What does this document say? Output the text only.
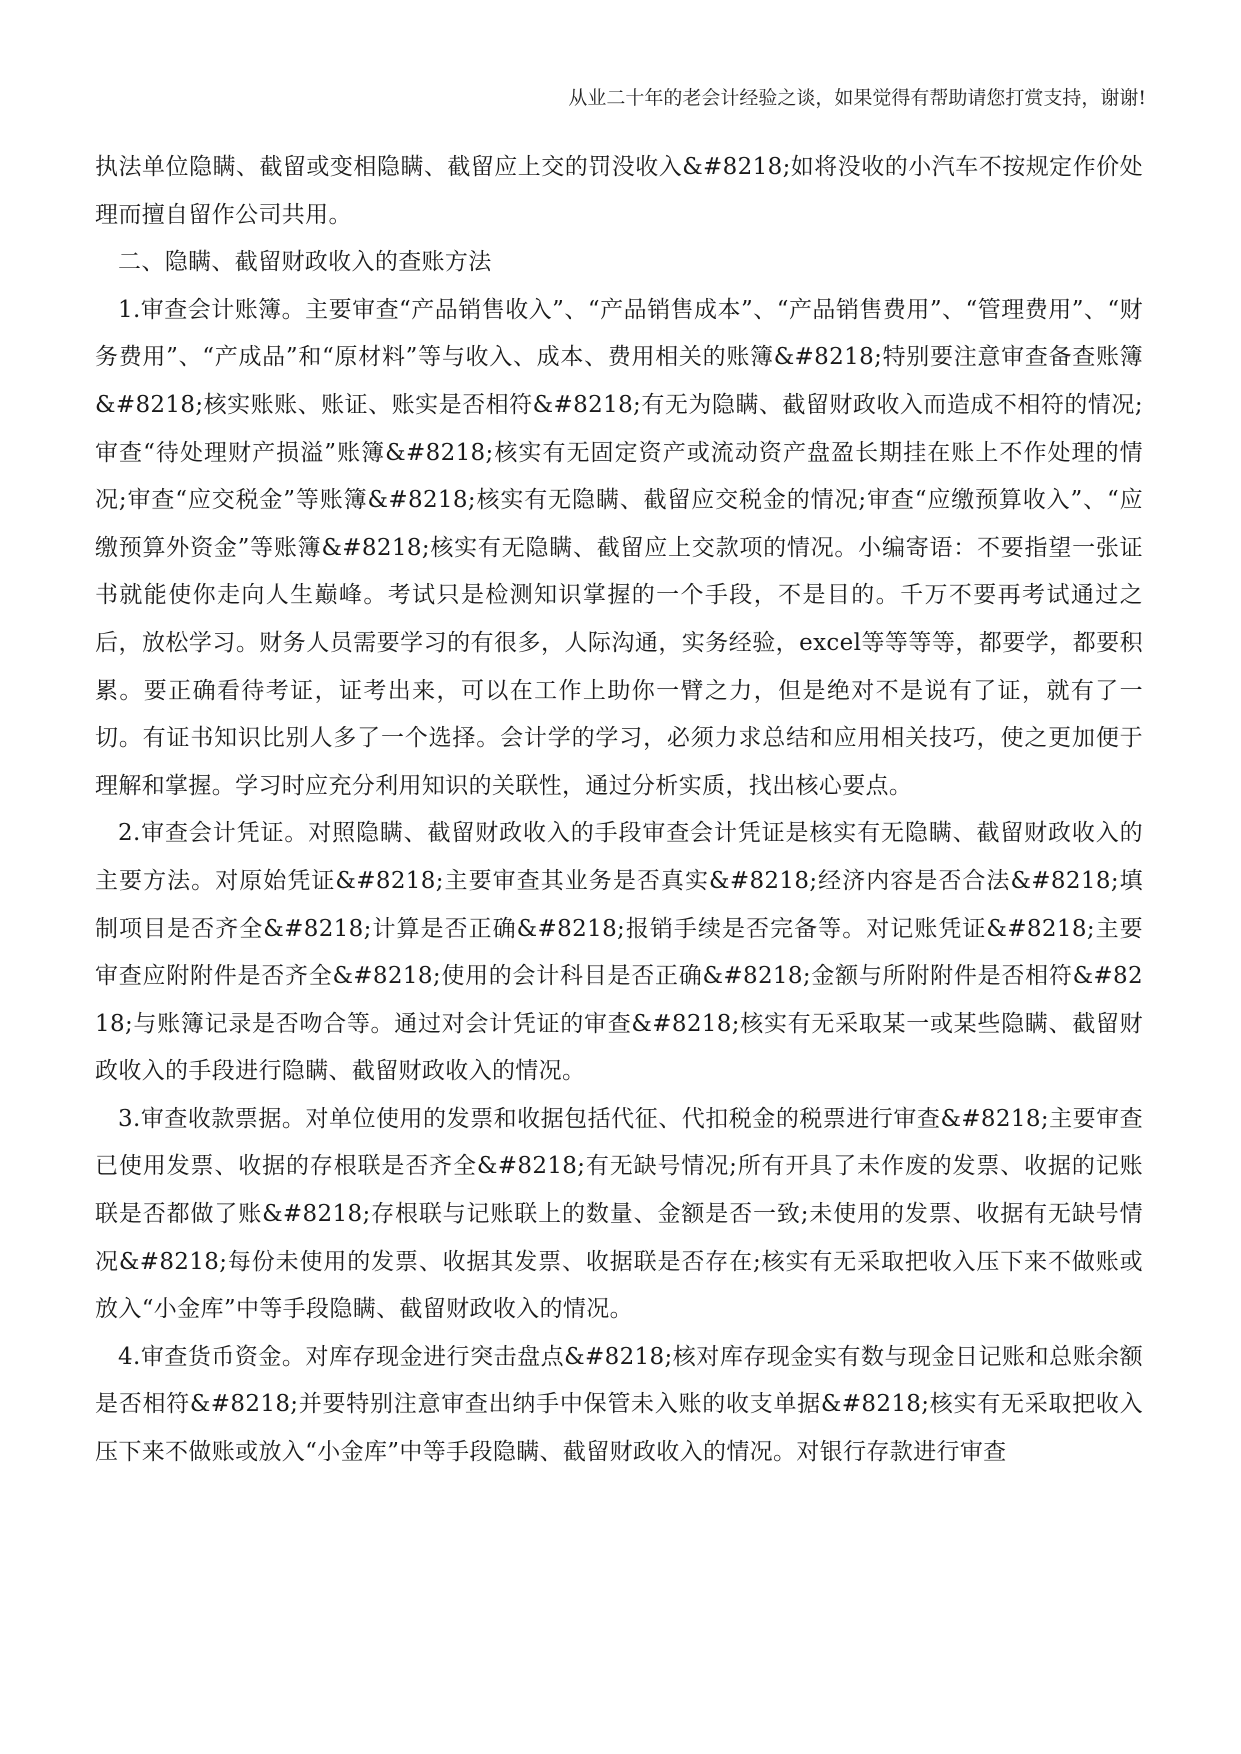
从业二十年的老会计经验之谈，如果觉得有帮助请您打赏支持，谢谢!

执法单位隐瞒、截留或变相隐瞒、截留应上交的罚没收入&#8218;如将没收的小汽车不按规定作价处理而擅自留作公司共用。

二、隐瞒、截留财政收入的查账方法

1.审查会计账簿。主要审查“产品销售收入”、“产品销售成本”、“产品销售费用”、“管理费用”、“财务费用”、“产成品”和“原材料”等与收入、成本、费用相关的账簿&#8218;特别要注意审查备查账簿&#8218;核实账账、账证、账实是否相符&#8218;有无为隐瞒、截留财政收入而造成不相符的情况;审查“待处理财产损溢”账簿&#8218;核实有无固定资产或流动资产盘盈长期挂在账上不作处理的情况;审查“应交税金”等账簿&#8218;核实有无隐瞒、截留应交税金的情况;审查“应缴预算收入”、“应缴预算外资金”等账簿&#8218;核实有无隐瞒、截留应上交款项的情况。小编寄语：不要指望一张证书就能使你走向人生巅峰。考试只是检测知识掌握的一个手段，不是目的。千万不要再考试通过之后，放松学习。财务人员需要学习的有很多，人际沟通，实务经验，excel等等等等，都要学，都要积累。要正确看待考证，证考出来，可以在工作上助你一臂之力，但是绝对不是说有了证，就有了一切。有证书知识比别人多了一个选择。会计学的学习，必须力求总结和应用相关技巧，使之更加便于理解和掌握。学习时应充分利用知识的关联性，通过分析实质，找出核心要点。

2.审查会计凭证。对照隐瞒、截留财政收入的手段审查会计凭证是核实有无隐瞒、截留财政收入的主要方法。对原始凭证&#8218;主要审查其业务是否真实&#8218;经济内容是否合法&#8218;填制项目是否齐全&#8218;计算是否正确&#8218;报销手续是否完备等。对记账凭证&#8218;主要审查应附附件是否齐全&#8218;使用的会计科目是否正确&#8218;金额与所附附件是否相符&#8218;与账簿记录是否吻合等。通过对会计凭证的审查&#8218;核实有无采取某一或某些隐瞒、截留财政收入的手段进行隐瞒、截留财政收入的情况。

3.审查收款票据。对单位使用的发票和收据包括代征、代扣税金的税票进行审查&#8218;主要审查已使用发票、收据的存根联是否齐全&#8218;有无缺号情况;所有开具了未作废的发票、收据的记账联是否都做了账&#8218;存根联与记账联上的数量、金额是否一致;未使用的发票、收据有无缺号情况&#8218;每份未使用的发票、收据其发票、收据联是否存在;核实有无采取把收入压下来不做账或放入“小金库”中等手段隐瞒、截留财政收入的情况。

4.审查货币资金。对库存现金进行突击盘点&#8218;核对库存现金实有数与现金日记账和总账余额是否相符&#8218;并要特别注意审查出纳手中保管未入账的收支单据&#8218;核实有无采取把收入压下来不做账或放入“小金库”中等手段隐瞒、截留财政收入的情况。对银行存款进行审查
